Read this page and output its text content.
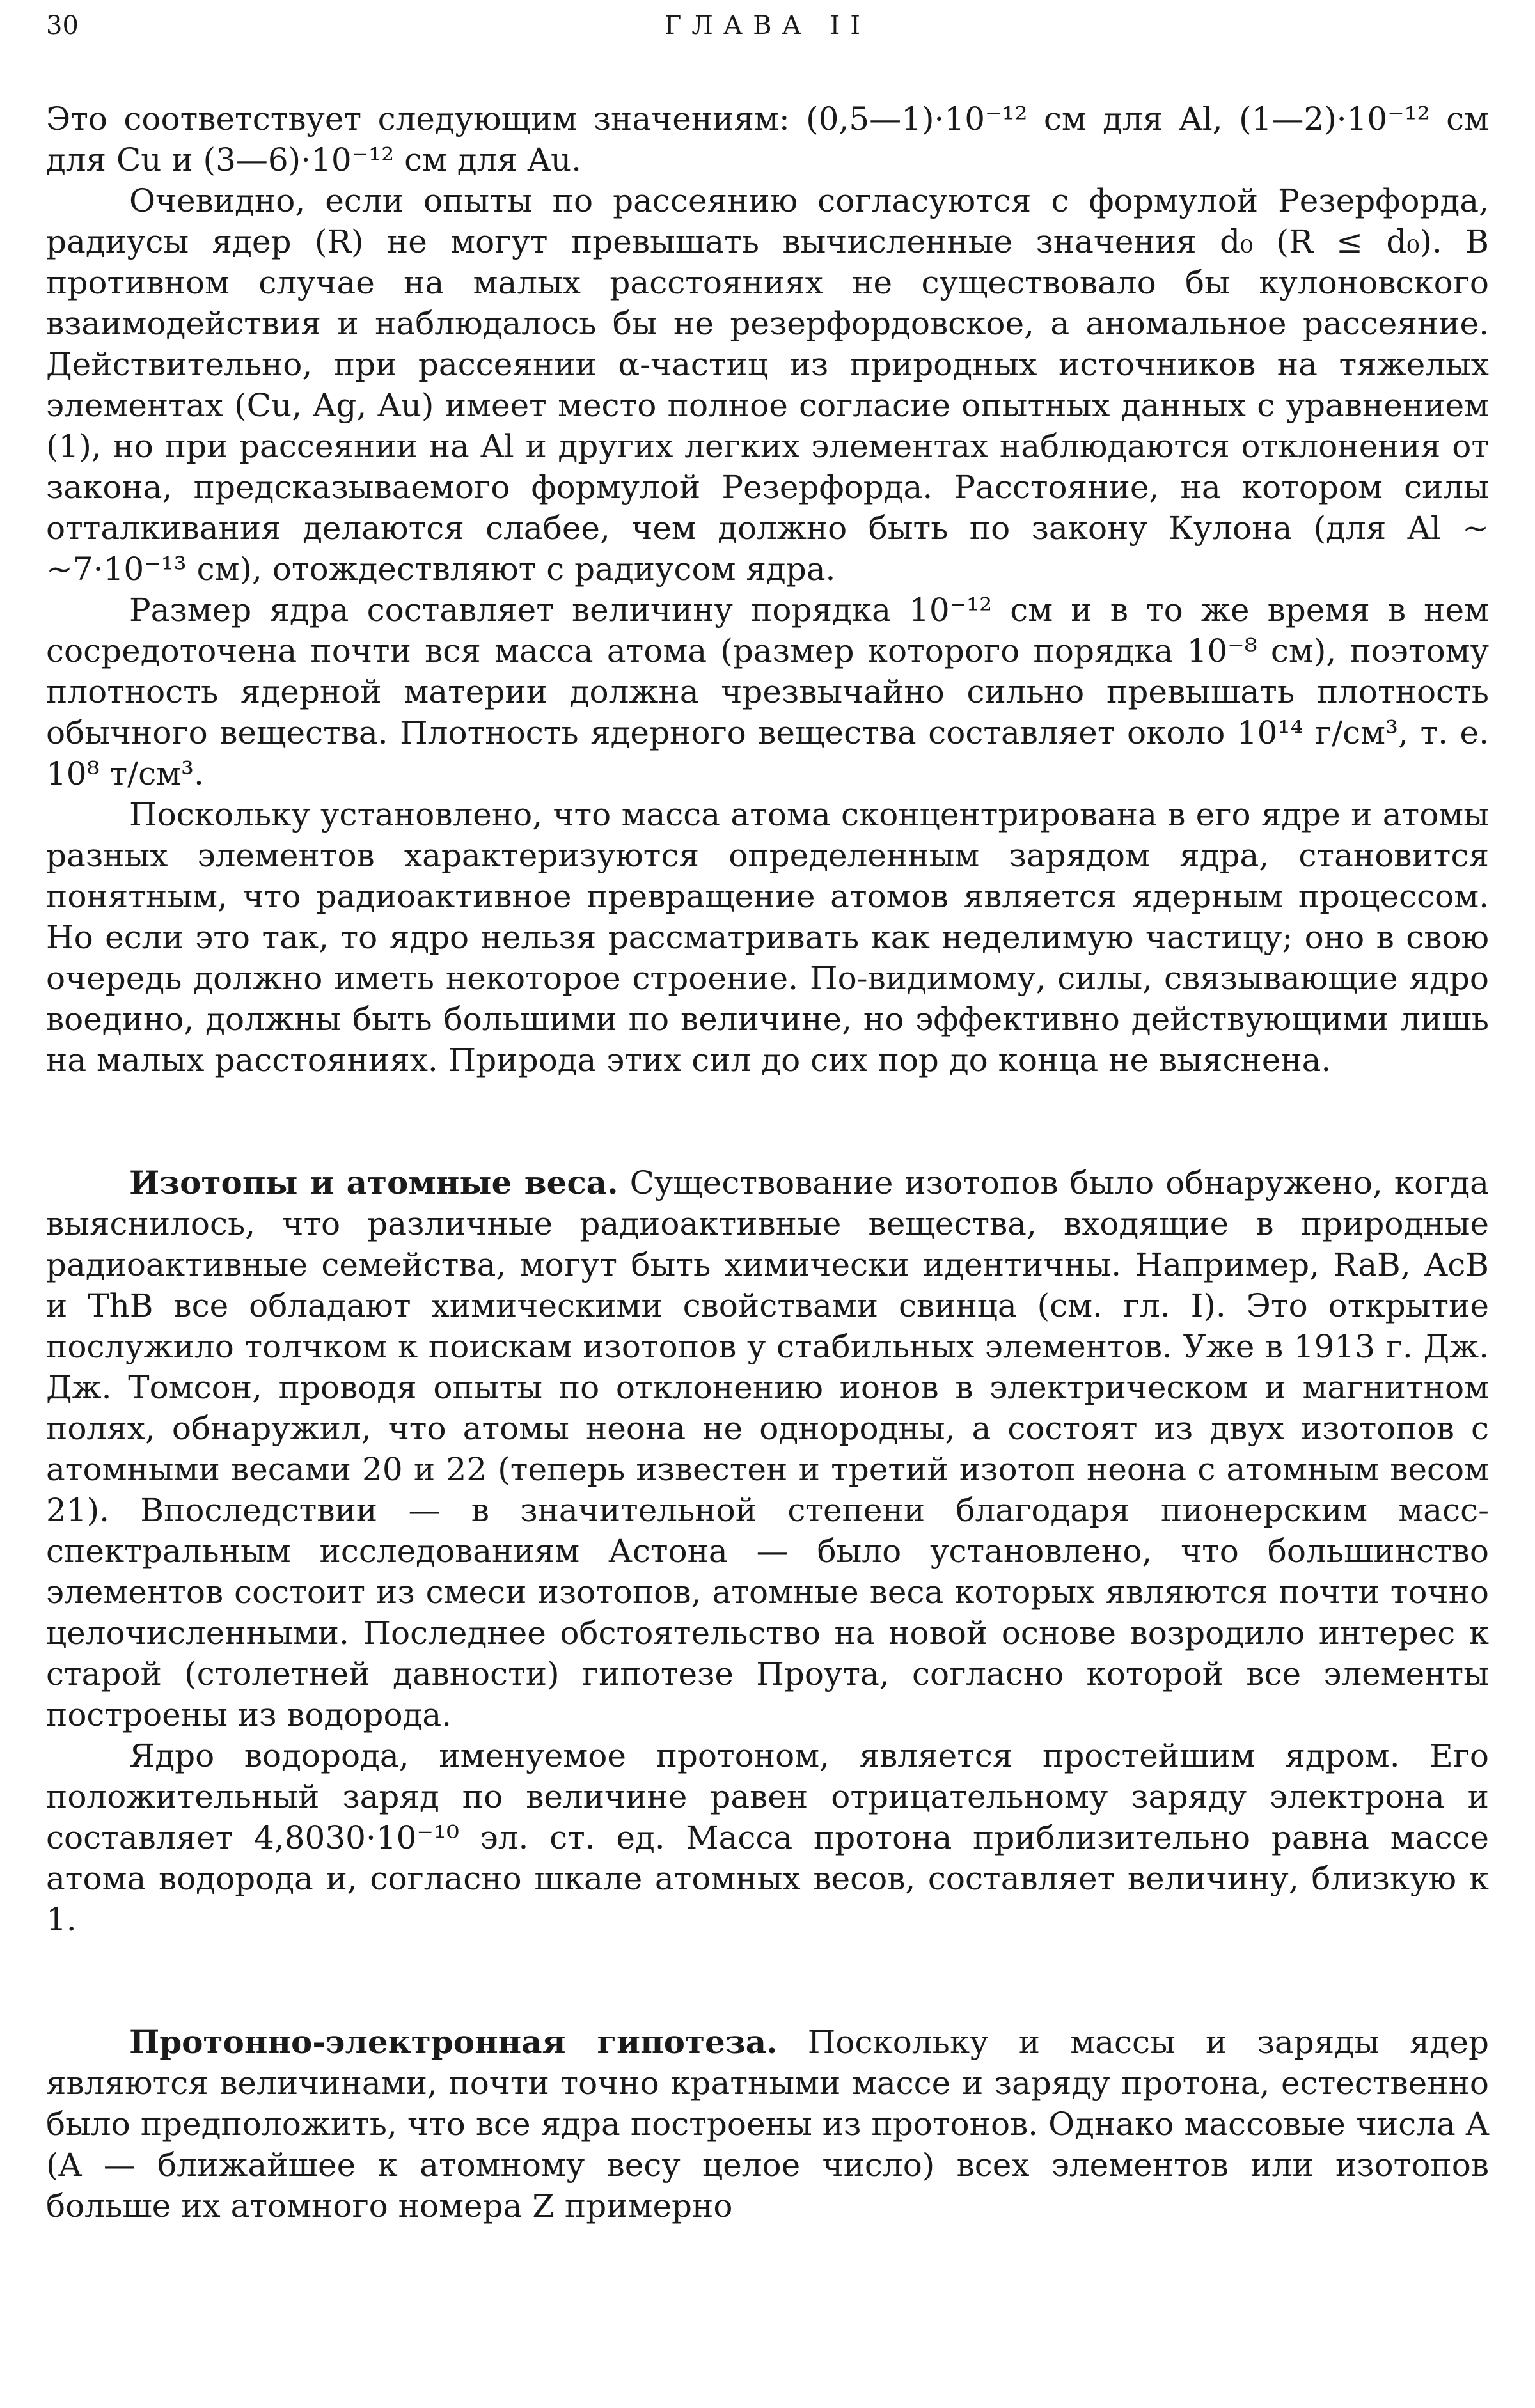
30	ГЛАВА II

Это соответствует следующим значениям: (0,5—1)·10⁻¹² см для Al, (1—2)·10⁻¹² см для Cu и (3—6)·10⁻¹² см для Au.

Очевидно, если опыты по рассеянию согласуются с формулой Резерфорда, радиусы ядер (R) не могут превышать вычисленные значения d₀ (R ≤ d₀). В противном случае на малых расстояниях не существовало бы кулоновского взаимодействия и наблюдалось бы не резерфордовское, а аномальное рассеяние. Действительно, при рассеянии α-частиц из природных источников на тяжелых элементах (Cu, Ag, Au) имеет место полное согласие опытных данных с уравнением (1), но при рассеянии на Al и других легких элементах наблюдаются отклонения от закона, предсказываемого формулой Резерфорда. Расстояние, на котором силы отталкивания делаются слабее, чем должно быть по закону Кулона (для Al ~ ~7·10⁻¹³ см), отождествляют с радиусом ядра.

Размер ядра составляет величину порядка 10⁻¹² см и в то же время в нем сосредоточена почти вся масса атома (размер которого порядка 10⁻⁸ см), поэтому плотность ядерной материи должна чрезвычайно сильно превышать плотность обычного вещества. Плотность ядерного вещества составляет около 10¹⁴ г/см³, т. е. 10⁸ т/см³.

Поскольку установлено, что масса атома сконцентрирована в его ядре и атомы разных элементов характеризуются определенным зарядом ядра, становится понятным, что радиоактивное превращение атомов является ядерным процессом. Но если это так, то ядро нельзя рассматривать как неделимую частицу; оно в свою очередь должно иметь некоторое строение. По-видимому, силы, связывающие ядро воедино, должны быть большими по величине, но эффективно действующими лишь на малых расстояниях. Природа этих сил до сих пор до конца не выяснена.

Изотопы и атомные веса. Существование изотопов было обнаружено, когда выяснилось, что различные радиоактивные вещества, входящие в природные радиоактивные семейства, могут быть химически идентичны. Например, RaB, AcB и ThB все обладают химическими свойствами свинца (см. гл. I). Это открытие послужило толчком к поискам изотопов у стабильных элементов. Уже в 1913 г. Дж. Дж. Томсон, проводя опыты по отклонению ионов в электрическом и магнитном полях, обнаружил, что атомы неона не однородны, а состоят из двух изотопов с атомными весами 20 и 22 (теперь известен и третий изотоп неона с атомным весом 21). Впоследствии — в значительной степени благодаря пионерским масс-спектральным исследованиям Астона — было установлено, что большинство элементов состоит из смеси изотопов, атомные веса которых являются почти точно целочисленными. Последнее обстоятельство на новой основе возродило интерес к старой (столетней давности) гипотезе Проута, согласно которой все элементы построены из водорода.

Ядро водорода, именуемое протоном, является простейшим ядром. Его положительный заряд по величине равен отрицательному заряду электрона и составляет 4,8030·10⁻¹⁰ эл. ст. ед. Масса протона приблизительно равна массе атома водорода и, согласно шкале атомных весов, составляет величину, близкую к 1.

Протонно-электронная гипотеза. Поскольку и массы и заряды ядер являются величинами, почти точно кратными массе и заряду протона, естественно было предположить, что все ядра построены из протонов. Однако массовые числа A (A — ближайшее к атомному весу целое число) всех элементов или изотопов больше их атомного номера Z примерно
